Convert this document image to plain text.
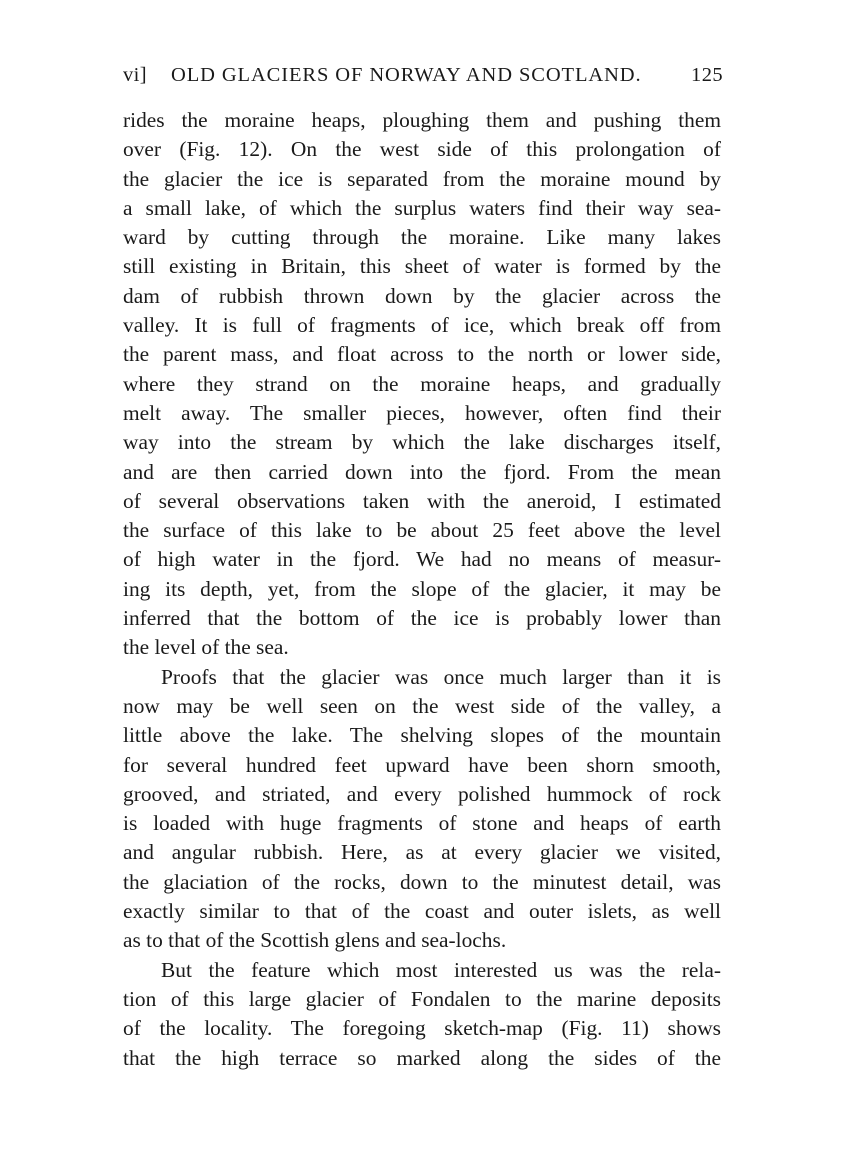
vi] OLD GLACIERS OF NORWAY AND SCOTLAND. 125
rides the moraine heaps, ploughing them and pushing them
over (Fig. 12). On the west side of this prolongation of
the glacier the ice is separated from the moraine mound by
a small lake, of which the surplus waters find their way sea-
ward by cutting through the moraine. Like many lakes
still existing in Britain, this sheet of water is formed by the
dam of rubbish thrown down by the glacier across the
valley. It is full of fragments of ice, which break off from
the parent mass, and float across to the north or lower side,
where they strand on the moraine heaps, and gradually
melt away. The smaller pieces, however, often find their
way into the stream by which the lake discharges itself,
and are then carried down into the fjord. From the mean
of several observations taken with the aneroid, I estimated
the surface of this lake to be about 25 feet above the level
of high water in the fjord. We had no means of measur-
ing its depth, yet, from the slope of the glacier, it may be
inferred that the bottom of the ice is probably lower than
the level of the sea.
Proofs that the glacier was once much larger than it is
now may be well seen on the west side of the valley, a
little above the lake. The shelving slopes of the mountain
for several hundred feet upward have been shorn smooth,
grooved, and striated, and every polished hummock of rock
is loaded with huge fragments of stone and heaps of earth
and angular rubbish. Here, as at every glacier we visited,
the glaciation of the rocks, down to the minutest detail, was
exactly similar to that of the coast and outer islets, as well
as to that of the Scottish glens and sea-lochs.
But the feature which most interested us was the rela-
tion of this large glacier of Fondalen to the marine deposits
of the locality. The foregoing sketch-map (Fig. 11) shows
that the high terrace so marked along the sides of the
